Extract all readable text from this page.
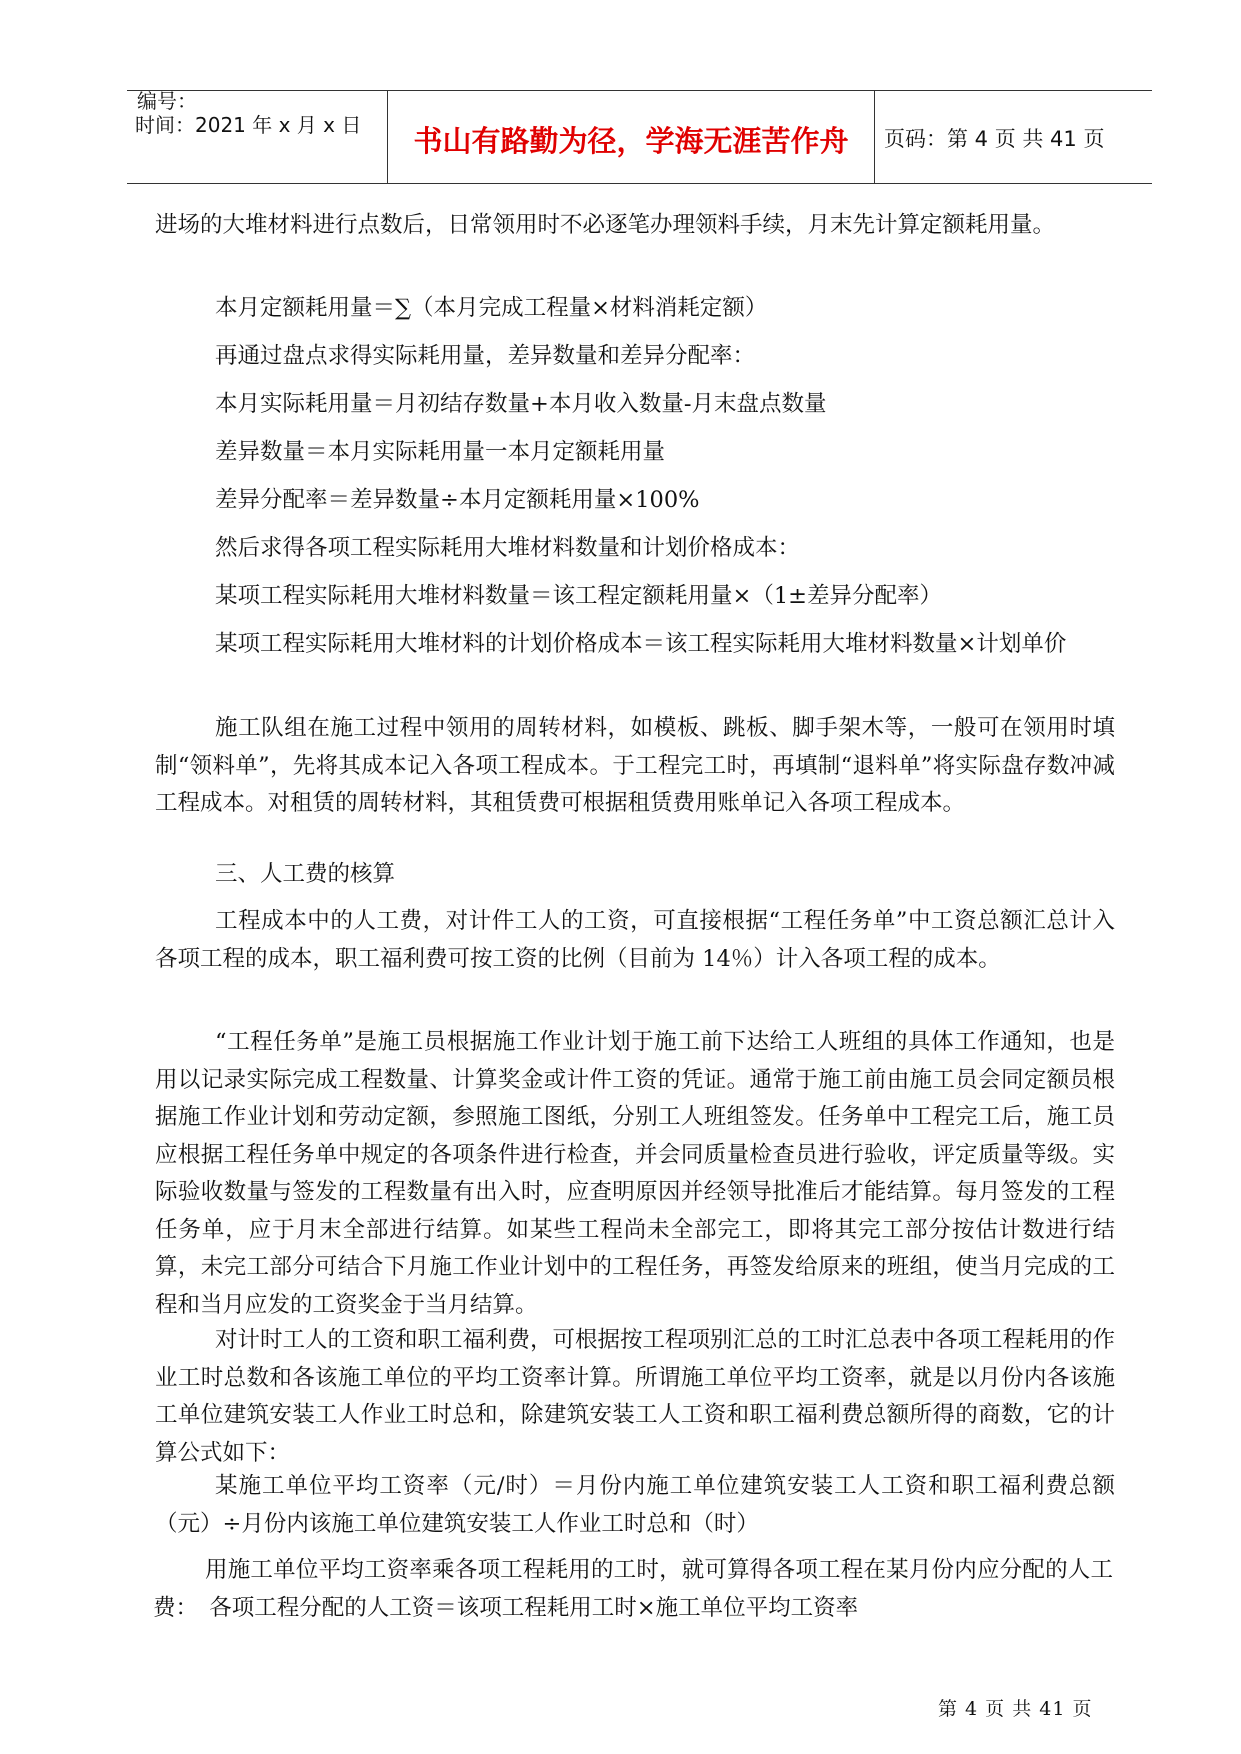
编号：
时间：2021 年 x 月 x 日	书山有路勤为径，学海无涯苦作舟	页码：第 4 页 共 41 页
进场的大堆材料进行点数后，日常领用时不必逐笔办理领料手续，月末先计算定额耗用量。
本月定额耗用量＝∑（本月完成工程量×材料消耗定额）
再通过盘点求得实际耗用量，差异数量和差异分配率：
本月实际耗用量＝月初结存数量+本月收入数量-月末盘点数量
差异数量＝本月实际耗用量一本月定额耗用量
差异分配率＝差异数量÷本月定额耗用量×100%
然后求得各项工程实际耗用大堆材料数量和计划价格成本：
某项工程实际耗用大堆材料数量＝该工程定额耗用量×（1±差异分配率）
某项工程实际耗用大堆材料的计划价格成本＝该工程实际耗用大堆材料数量×计划单价
施工队组在施工过程中领用的周转材料，如模板、跳板、脚手架木等，一般可在领用时填制“领料单”，先将其成本记入各项工程成本。于工程完工时，再填制“退料单”将实际盘存数冲减工程成本。对租赁的周转材料，其租赁费可根据租赁费用账单记入各项工程成本。
三、人工费的核算
工程成本中的人工费，对计件工人的工资，可直接根据“工程任务单”中工资总额汇总计入各项工程的成本，职工福利费可按工资的比例（目前为 14％）计入各项工程的成本。
“工程任务单”是施工员根据施工作业计划于施工前下达给工人班组的具体工作通知，也是用以记录实际完成工程数量、计算奖金或计件工资的凭证。通常于施工前由施工员会同定额员根据施工作业计划和劳动定额，参照施工图纸，分别工人班组签发。任务单中工程完工后，施工员应根据工程任务单中规定的各项条件进行检查，并会同质量检查员进行验收，评定质量等级。实际验收数量与签发的工程数量有出入时，应查明原因并经领导批准后才能结算。每月签发的工程任务单，应于月末全部进行结算。如某些工程尚未全部完工，即将其完工部分按估计数进行结算，未完工部分可结合下月施工作业计划中的工程任务，再签发给原来的班组，使当月完成的工程和当月应发的工资奖金于当月结算。
对计时工人的工资和职工福利费，可根据按工程项别汇总的工时汇总表中各项工程耗用的作业工时总数和各该施工单位的平均工资率计算。所谓施工单位平均工资率，就是以月份内各该施工单位建筑安装工人作业工时总和，除建筑安装工人工资和职工福利费总额所得的商数，它的计算公式如下：
某施工单位平均工资率（元/时）＝月份内施工单位建筑安装工人工资和职工福利费总额（元）÷月份内该施工单位建筑安装工人作业工时总和（时）
用施工单位平均工资率乘各项工程耗用的工时，就可算得各项工程在某月份内应分配的人工费：　各项工程分配的人工资＝该项工程耗用工时×施工单位平均工资率
第 4 页 共 41 页
